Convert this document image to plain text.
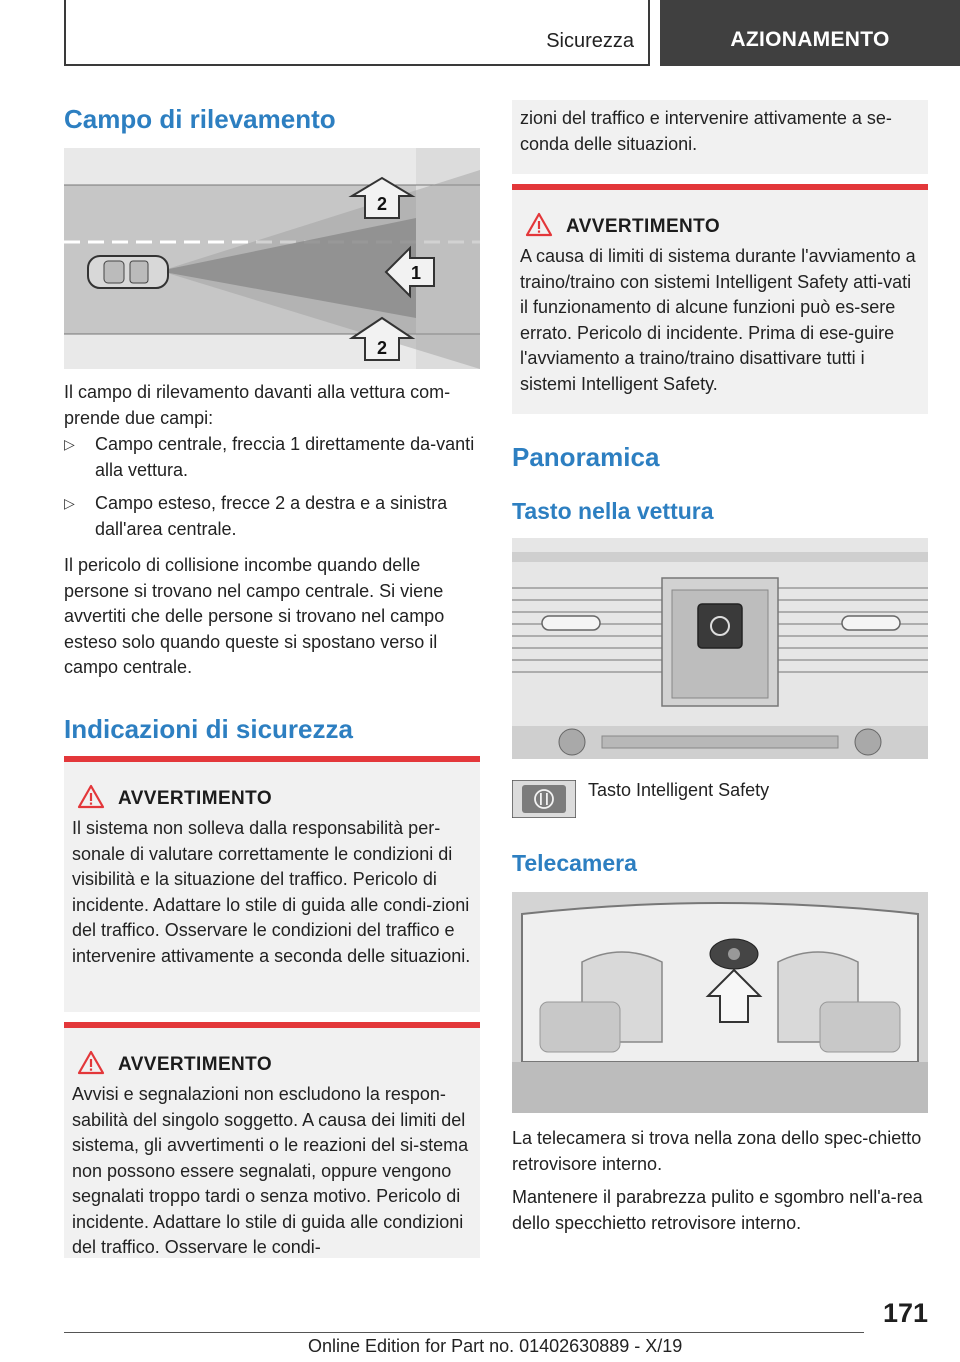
Sicurezza	AZIONAMENTO
Campo di rilevamento
2
1
2

Il campo di rilevamento davanti alla vettura com-prende due campi:

▷ Campo centrale, freccia 1 direttamente da-vanti alla vettura.
▷ Campo esteso, frecce 2 a destra e a sinistra dall'area centrale.

Il pericolo di collisione incombe quando delle persone si trovano nel campo centrale. Si viene avvertiti che delle persone si trovano nel campo esteso solo quando queste si spostano verso il campo centrale.

Indicazioni di sicurezza
AVVERTIMENTO

Il sistema non solleva dalla responsabilità per-sonale di valutare correttamente le condizioni di visibilità e la situazione del traffico. Pericolo di incidente. Adattare lo stile di guida alle condi-zioni del traffico. Osservare le condizioni del traffico e intervenire attivamente a seconda delle situazioni.

AVVERTIMENTO

Avvisi e segnalazioni non escludono la respon-sabilità del singolo soggetto. A causa dei limiti del sistema, gli avvertimenti o le reazioni del si-stema non possono essere segnalati, oppure vengono segnalati troppo tardi o senza motivo. Pericolo di incidente. Adattare lo stile di guida alle condizioni del traffico. Osservare le condi-

zioni del traffico e intervenire attivamente a se-conda delle situazioni.

AVVERTIMENTO

A causa di limiti di sistema durante l'avviamento a traino/traino con sistemi Intelligent Safety atti-vati il funzionamento di alcune funzioni può es-sere errato. Pericolo di incidente. Prima di ese-guire l'avviamento a traino/traino disattivare tutti i sistemi Intelligent Safety.

Panoramica
Tasto nella vettura
Tasto Intelligent Safety
Telecamera

La telecamera si trova nella zona dello spec-chietto retrovisore interno.

Mantenere il parabrezza pulito e sgombro nell'a-rea dello specchietto retrovisore interno.

171
Online Edition for Part no. 01402630889 - X/19
